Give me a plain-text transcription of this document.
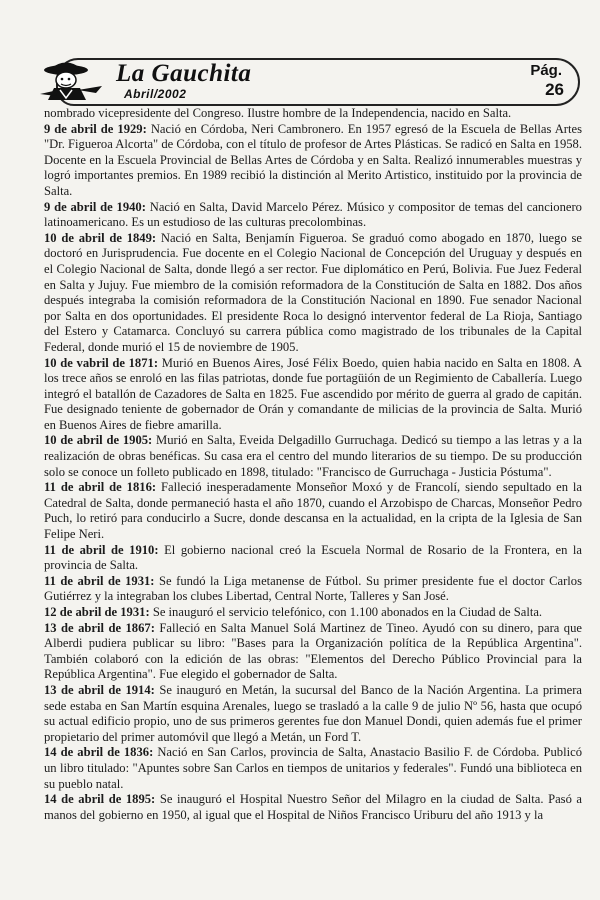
La Gauchita
Abril/2002
Pág.
26

nombrado vicepresidente del Congreso. Ilustre hombre de la Independencia, nacido en Salta.

9 de abril de 1929: Nació en Córdoba, Neri Cambronero. En 1957 egresó de la Escuela de Bellas Artes "Dr. Figueroa Alcorta" de Córdoba, con el título de profesor de Artes Plásticas. Se radicó en Salta en 1958. Docente en la Escuela Provincial de Bellas Artes de Córdoba y en Salta. Realizó innumerables muestras y logró importantes premios. En 1989 recibió la distinción al Merito Artistico, instituido por la provincia de Salta.

9 de abril de 1940: Nació en Salta, David Marcelo Pérez. Músico y compositor de temas del cancionero latinoamericano. Es un estudioso de las culturas precolombinas.

10 de abril de 1849: Nació en Salta, Benjamín Figueroa. Se graduó como abogado en 1870, luego se doctoró en Jurisprudencia. Fue docente en el Colegio Nacional de Concepción del Uruguay y después en el Colegio Nacional de Salta, donde llegó a ser rector. Fue diplomático en Perú, Bolivia. Fue Juez Federal en Salta y Jujuy. Fue miembro de la comisión reformadora de la Constitución de Salta en 1882. Dos años después integraba la comisión reformadora de la Constitución Nacional en 1890. Fue senador Nacional por Salta en dos oportunidades. El presidente Roca lo designó interventor federal de La Rioja, Santiago del Estero y Catamarca. Concluyó su carrera pública como magistrado de los tribunales de la Capital Federal, donde murió el 15 de noviembre de 1905.

10 de vabril de 1871: Murió en Buenos Aires, José Félix Boedo, quien habia nacido en Salta en 1808. A los trece años se enroló en las filas patriotas, donde fue portagüión de un Regimiento de Caballería. Luego integró el batallón de Cazadores de Salta en 1825. Fue ascendido por mérito de guerra al grado de capitán. Fue designado teniente de gobernador de Orán y comandante de milicias de la provincia de Salta. Murió en Buenos Aires de fiebre amarilla.

10 de abril de 1905: Murió en Salta, Eveida Delgadillo Gurruchaga. Dedicó su tiempo a las letras y a la realización de obras benéficas. Su casa era el centro del mundo literarios de su tiempo. De su producción solo se conoce un folleto publicado en 1898, titulado: "Francisco de Gurruchaga - Justicia Póstuma".

11 de abril de 1816: Falleció inesperadamente Monseñor Moxó y de Francolí, siendo sepultado en la Catedral de Salta, donde permaneció hasta el año 1870, cuando el Arzobispo de Charcas, Monseñor Pedro Puch, lo retiró para conducirlo a Sucre, donde descansa en la actualidad, en la cripta de la Iglesia de San Felipe Neri.

11 de abril de 1910: El gobierno nacional creó la Escuela Normal de Rosario de la Frontera, en la provincia de Salta.

11 de abril de 1931: Se fundó la Liga metanense de Fútbol. Su primer presidente fue el doctor Carlos Gutiérrez y la integraban los clubes Libertad, Central Norte, Talleres y San José.

12 de abril de 1931: Se inauguró el servicio telefónico, con 1.100 abonados en la Ciudad de Salta.

13 de abril de 1867: Falleció en Salta Manuel Solá Martinez de Tineo. Ayudó con su dinero, para que Alberdi pudiera publicar su libro: "Bases para la Organización política de la República Argentina". También colaboró con la edición de las obras: "Elementos del Derecho Público Provincial para la República Argentina". Fue elegido el gobernador de Salta.

13 de abril de 1914: Se inauguró en Metán, la sucursal del Banco de la Nación Argentina. La primera sede estaba en San Martín esquina Arenales, luego se trasladó a la calle 9 de julio Nº 56, hasta que ocupó su actual edificio propio, uno de sus primeros gerentes fue don Manuel Dondi, quien además fue el primer propietario del primer automóvil que llegó a Metán, un Ford T.

14 de abril de 1836: Nació en San Carlos, provincia de Salta, Anastacio Basilio F. de Córdoba. Publicó un libro titulado: "Apuntes sobre San Carlos en tiempos de unitarios y federales". Fundó una biblioteca en su pueblo natal.

14 de abril de 1895: Se inauguró el Hospital Nuestro Señor del Milagro en la ciudad de Salta. Pasó a manos del gobierno en 1950, al igual que el Hospital de Niños Francisco Uriburu del año 1913 y la
